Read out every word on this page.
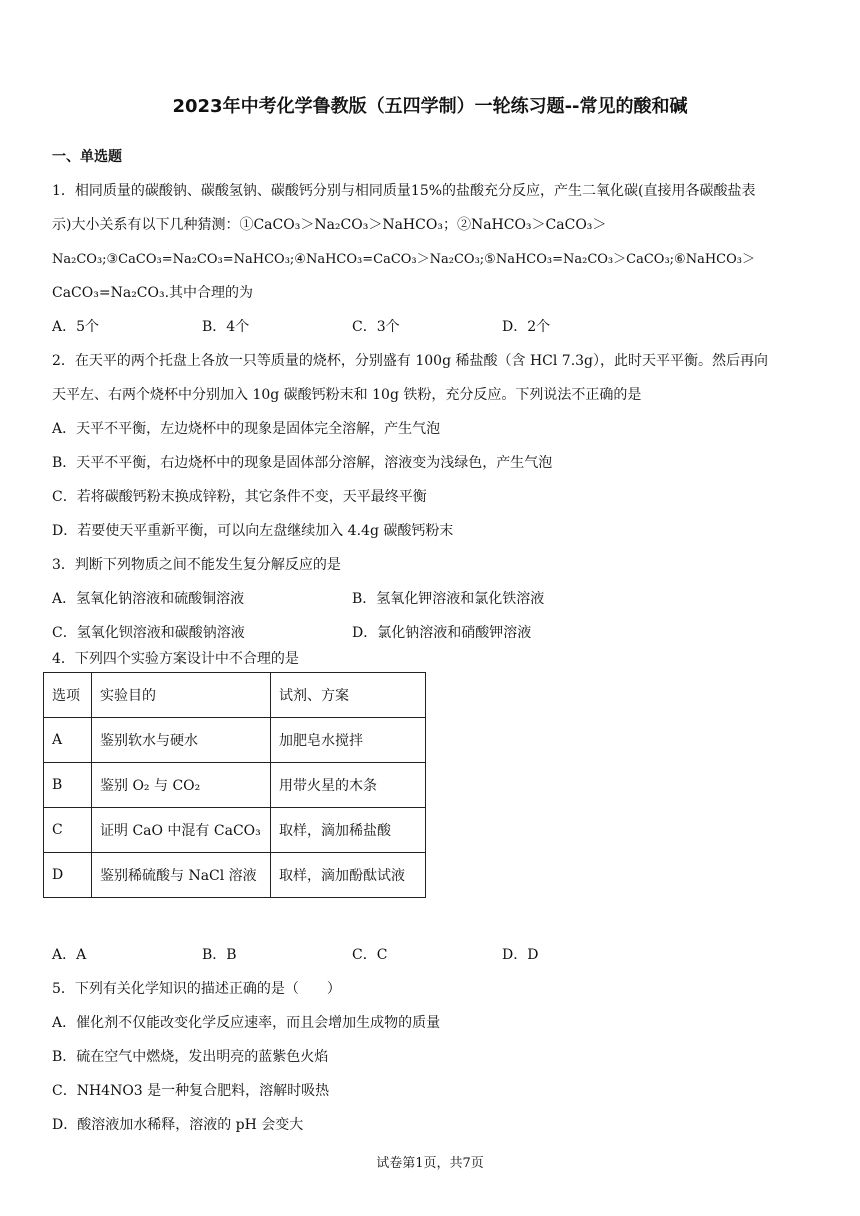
2023年中考化学鲁教版（五四学制）一轮练习题--常见的酸和碱
一、单选题
1．相同质量的碳酸钠、碳酸氢钠、碳酸钙分别与相同质量15%的盐酸充分反应，产生二氧化碳(直接用各碳酸盐表
示)大小关系有以下几种猜测：①CaCO₃＞Na₂CO₃＞NaHCO₃；②NaHCO₃＞CaCO₃＞
Na₂CO₃;③CaCO₃=Na₂CO₃=NaHCO₃;④NaHCO₃=CaCO₃＞Na₂CO₃;⑤NaHCO₃=Na₂CO₃＞CaCO₃;⑥NaHCO₃＞
CaCO₃=Na₂CO₃.其中合理的为
A．5个	B．4个	C．3个	D．2个
2．在天平的两个托盘上各放一只等质量的烧杯，分别盛有 100g 稀盐酸（含 HCl 7.3g），此时天平平衡。然后再向
天平左、右两个烧杯中分别加入 10g 碳酸钙粉末和 10g 铁粉，充分反应。下列说法不正确的是
A．天平不平衡，左边烧杯中的现象是固体完全溶解，产生气泡
B．天平不平衡，右边烧杯中的现象是固体部分溶解，溶液变为浅绿色，产生气泡
C．若将碳酸钙粉末换成锌粉，其它条件不变，天平最终平衡
D．若要使天平重新平衡，可以向左盘继续加入 4.4g 碳酸钙粉末
3．判断下列物质之间不能发生复分解反应的是
A．氢氧化钠溶液和硫酸铜溶液	B．氢氧化钾溶液和氯化铁溶液
C．氢氧化钡溶液和碳酸钠溶液	D．氯化钠溶液和硝酸钾溶液
4．下列四个实验方案设计中不合理的是
选项	实验目的	试剂、方案
A	鉴别软水与硬水	加肥皂水搅拌
B	鉴别 O₂ 与 CO₂	用带火星的木条
C	证明 CaO 中混有 CaCO₃	取样，滴加稀盐酸
D	鉴别稀硫酸与 NaCl 溶液	取样，滴加酚酞试液
A．A	B．B	C．C	D．D
5．下列有关化学知识的描述正确的是（　　）
A．催化剂不仅能改变化学反应速率，而且会增加生成物的质量
B．硫在空气中燃烧，发出明亮的蓝紫色火焰
C．NH4NO3 是一种复合肥料，溶解时吸热
D．酸溶液加水稀释，溶液的 pH 会变大
试卷第1页，共7页
